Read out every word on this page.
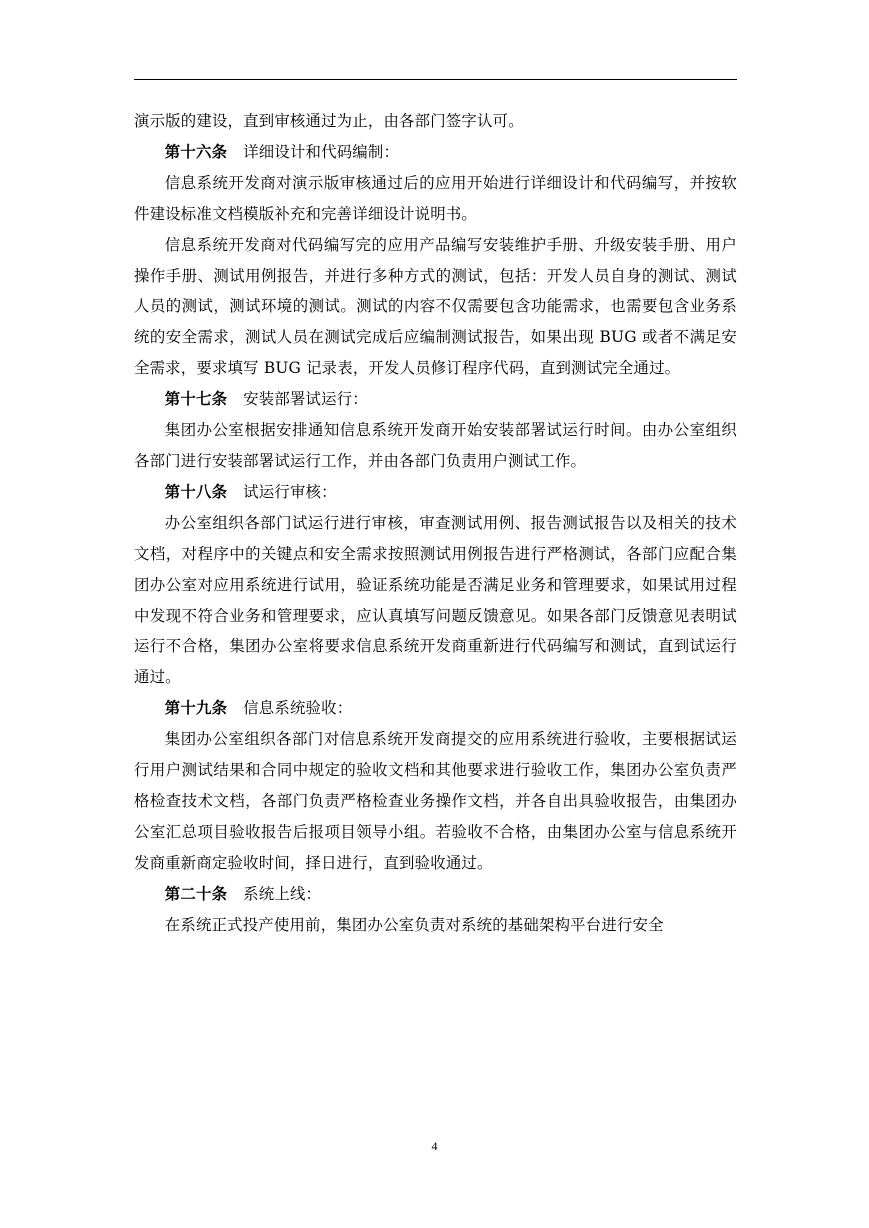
演示版的建设，直到审核通过为止，由各部门签字认可。

第十六条 详细设计和代码编制：

信息系统开发商对演示版审核通过后的应用开始进行详细设计和代码编写，并按软件建设标准文档模版补充和完善详细设计说明书。

信息系统开发商对代码编写完的应用产品编写安装维护手册、升级安装手册、用户操作手册、测试用例报告，并进行多种方式的测试，包括：开发人员自身的测试、测试人员的测试，测试环境的测试。测试的内容不仅需要包含功能需求，也需要包含业务系统的安全需求，测试人员在测试完成后应编制测试报告，如果出现 BUG 或者不满足安全需求，要求填写 BUG 记录表，开发人员修订程序代码，直到测试完全通过。

第十七条 安装部署试运行：

集团办公室根据安排通知信息系统开发商开始安装部署试运行时间。由办公室组织各部门进行安装部署试运行工作，并由各部门负责用户测试工作。

第十八条 试运行审核：

办公室组织各部门试运行进行审核，审查测试用例、报告测试报告以及相关的技术文档，对程序中的关键点和安全需求按照测试用例报告进行严格测试，各部门应配合集团办公室对应用系统进行试用，验证系统功能是否满足业务和管理要求，如果试用过程中发现不符合业务和管理要求，应认真填写问题反馈意见。如果各部门反馈意见表明试运行不合格，集团办公室将要求信息系统开发商重新进行代码编写和测试，直到试运行通过。

第十九条 信息系统验收：

集团办公室组织各部门对信息系统开发商提交的应用系统进行验收，主要根据试运行用户测试结果和合同中规定的验收文档和其他要求进行验收工作，集团办公室负责严格检查技术文档，各部门负责严格检查业务操作文档，并各自出具验收报告，由集团办公室汇总项目验收报告后报项目领导小组。若验收不合格，由集团办公室与信息系统开发商重新商定验收时间，择日进行，直到验收通过。

第二十条 系统上线：

在系统正式投产使用前，集团办公室负责对系统的基础架构平台进行安全

4
